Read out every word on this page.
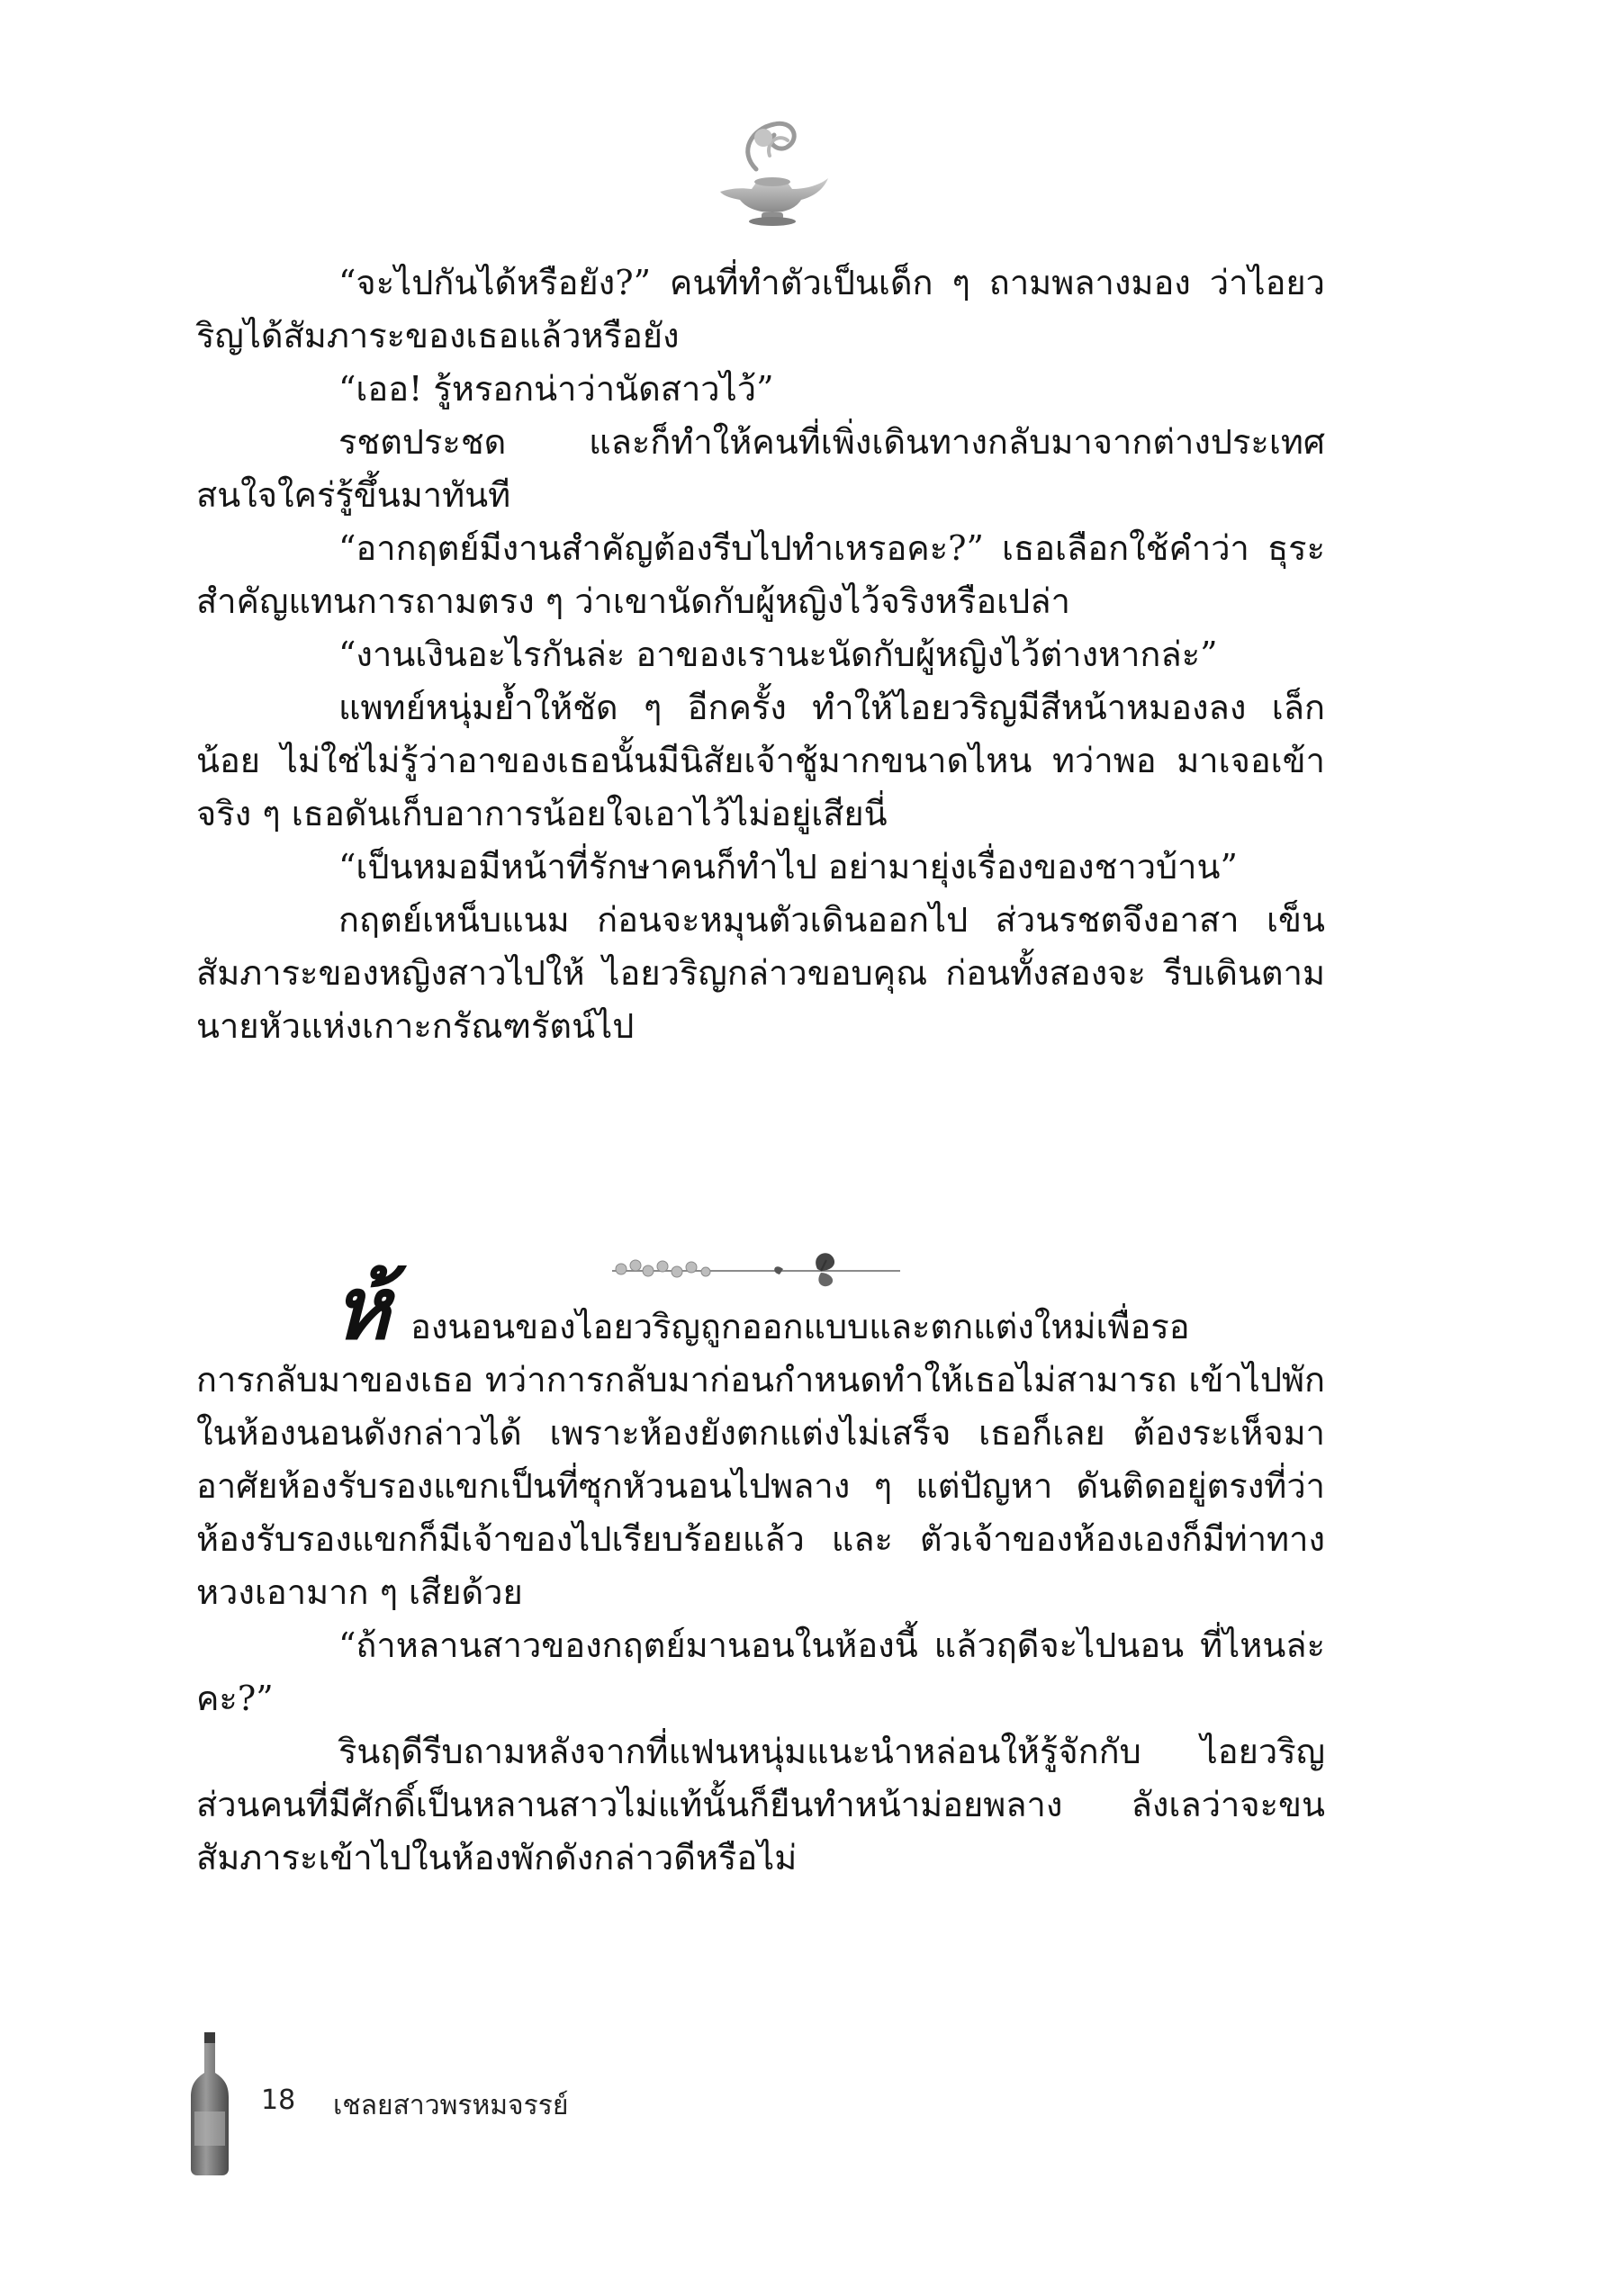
“จะไปกันได้หรือยัง?” คนที่ทำตัวเป็นเด็ก ๆ ถามพลางมอง ว่าไอยวริญได้สัมภาระของเธอแล้วหรือยัง

“เออ! รู้หรอกน่าว่านัดสาวไว้”

รชตประชด และก็ทำให้คนที่เพิ่งเดินทางกลับมาจากต่างประเทศ สนใจใคร่รู้ขึ้นมาทันที

“อากฤตย์มีงานสำคัญต้องรีบไปทำเหรอคะ?” เธอเลือกใช้คำว่า ธุระสำคัญแทนการถามตรง ๆ ว่าเขานัดกับผู้หญิงไว้จริงหรือเปล่า

“งานเงินอะไรกันล่ะ อาของเรานะนัดกับผู้หญิงไว้ต่างหากล่ะ”

แพทย์หนุ่มย้ำให้ชัด ๆ อีกครั้ง ทำให้ไอยวริญมีสีหน้าหมองลง เล็กน้อย ไม่ใช่ไม่รู้ว่าอาของเธอนั้นมีนิสัยเจ้าชู้มากขนาดไหน ทว่าพอ มาเจอเข้าจริง ๆ เธอดันเก็บอาการน้อยใจเอาไว้ไม่อยู่เสียนี่

“เป็นหมอมีหน้าที่รักษาคนก็ทำไป อย่ามายุ่งเรื่องของชาวบ้าน”

กฤตย์เหน็บแนม ก่อนจะหมุนตัวเดินออกไป ส่วนรชตจึงอาสา เข็นสัมภาระของหญิงสาวไปให้ ไอยวริญกล่าวขอบคุณ ก่อนทั้งสองจะ รีบเดินตามนายหัวแห่งเกาะกรัณฑรัตน์ไป

ห้ องนอนของไอยวริญถูกออกแบบและตกแต่งใหม่เพื่อรอ

การกลับมาของเธอ ทว่าการกลับมาก่อนกำหนดทำให้เธอไม่สามารถ เข้าไปพักในห้องนอนดังกล่าวได้ เพราะห้องยังตกแต่งไม่เสร็จ เธอก็เลย ต้องระเห็จมาอาศัยห้องรับรองแขกเป็นที่ซุกหัวนอนไปพลาง ๆ แต่ปัญหา ดันติดอยู่ตรงที่ว่าห้องรับรองแขกก็มีเจ้าของไปเรียบร้อยแล้ว และ ตัวเจ้าของห้องเองก็มีท่าทางหวงเอามาก ๆ เสียด้วย

“ถ้าหลานสาวของกฤตย์มานอนในห้องนี้ แล้วฤดีจะไปนอน ที่ไหนล่ะคะ?”

รินฤดีรีบถามหลังจากที่แฟนหนุ่มแนะนำหล่อนให้รู้จักกับ ไอยวริญ ส่วนคนที่มีศักดิ์เป็นหลานสาวไม่แท้นั้นก็ยืนทำหน้าม่อยพลาง ลังเลว่าจะขนสัมภาระเข้าไปในห้องพักดังกล่าวดีหรือไม่

18 เชลยสาวพรหมจรรย์
